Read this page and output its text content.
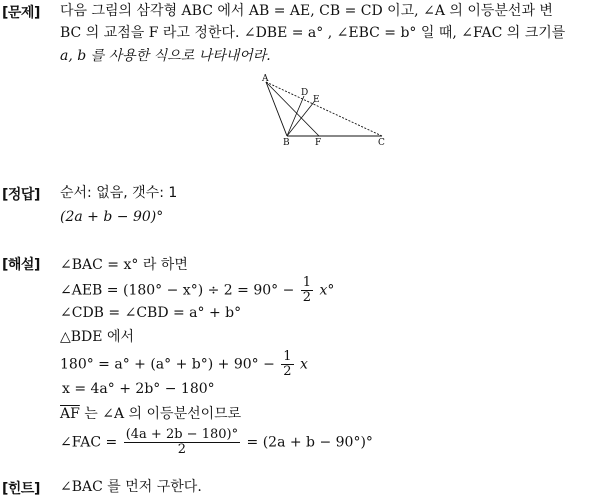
[문제] 다음 그림의 삼각형 ABC 에서 AB = AE, CB = CD 이고, ∠A 의 이등분선과 변
BC 의 교점을 F 라고 정한다. ∠DBE = a° , ∠EBC = b° 일 때, ∠FAC 의 크기를
a, b 를 사용한 식으로 나타내어라.
A
D
E
B	F	C
[정답] 순서: 없음, 갯수: 1
(2a + b − 90)°
[해설] ∠BAC = x° 라 하면
∠AEB = $(180^\circ - x^\circ) \div 2 = 90^\circ - \frac{1}{2} x^\circ$
∠CDB = ∠CBD = a° + b°
△BDE 에서
$180^\circ = a^\circ + (a^\circ + b^\circ) + 90^\circ - \frac{1}{2}$ x
x = 4a° + 2b° − 180°
$\overline{AF}$ 는 ∠A 의 이등분선이므로
∠FAC = $\frac{(4a + 2b - 180)^\circ}{2} = (2a + b - 90^\circ)^\circ$
[힌트] ∠BAC 를 먼저 구한다.
